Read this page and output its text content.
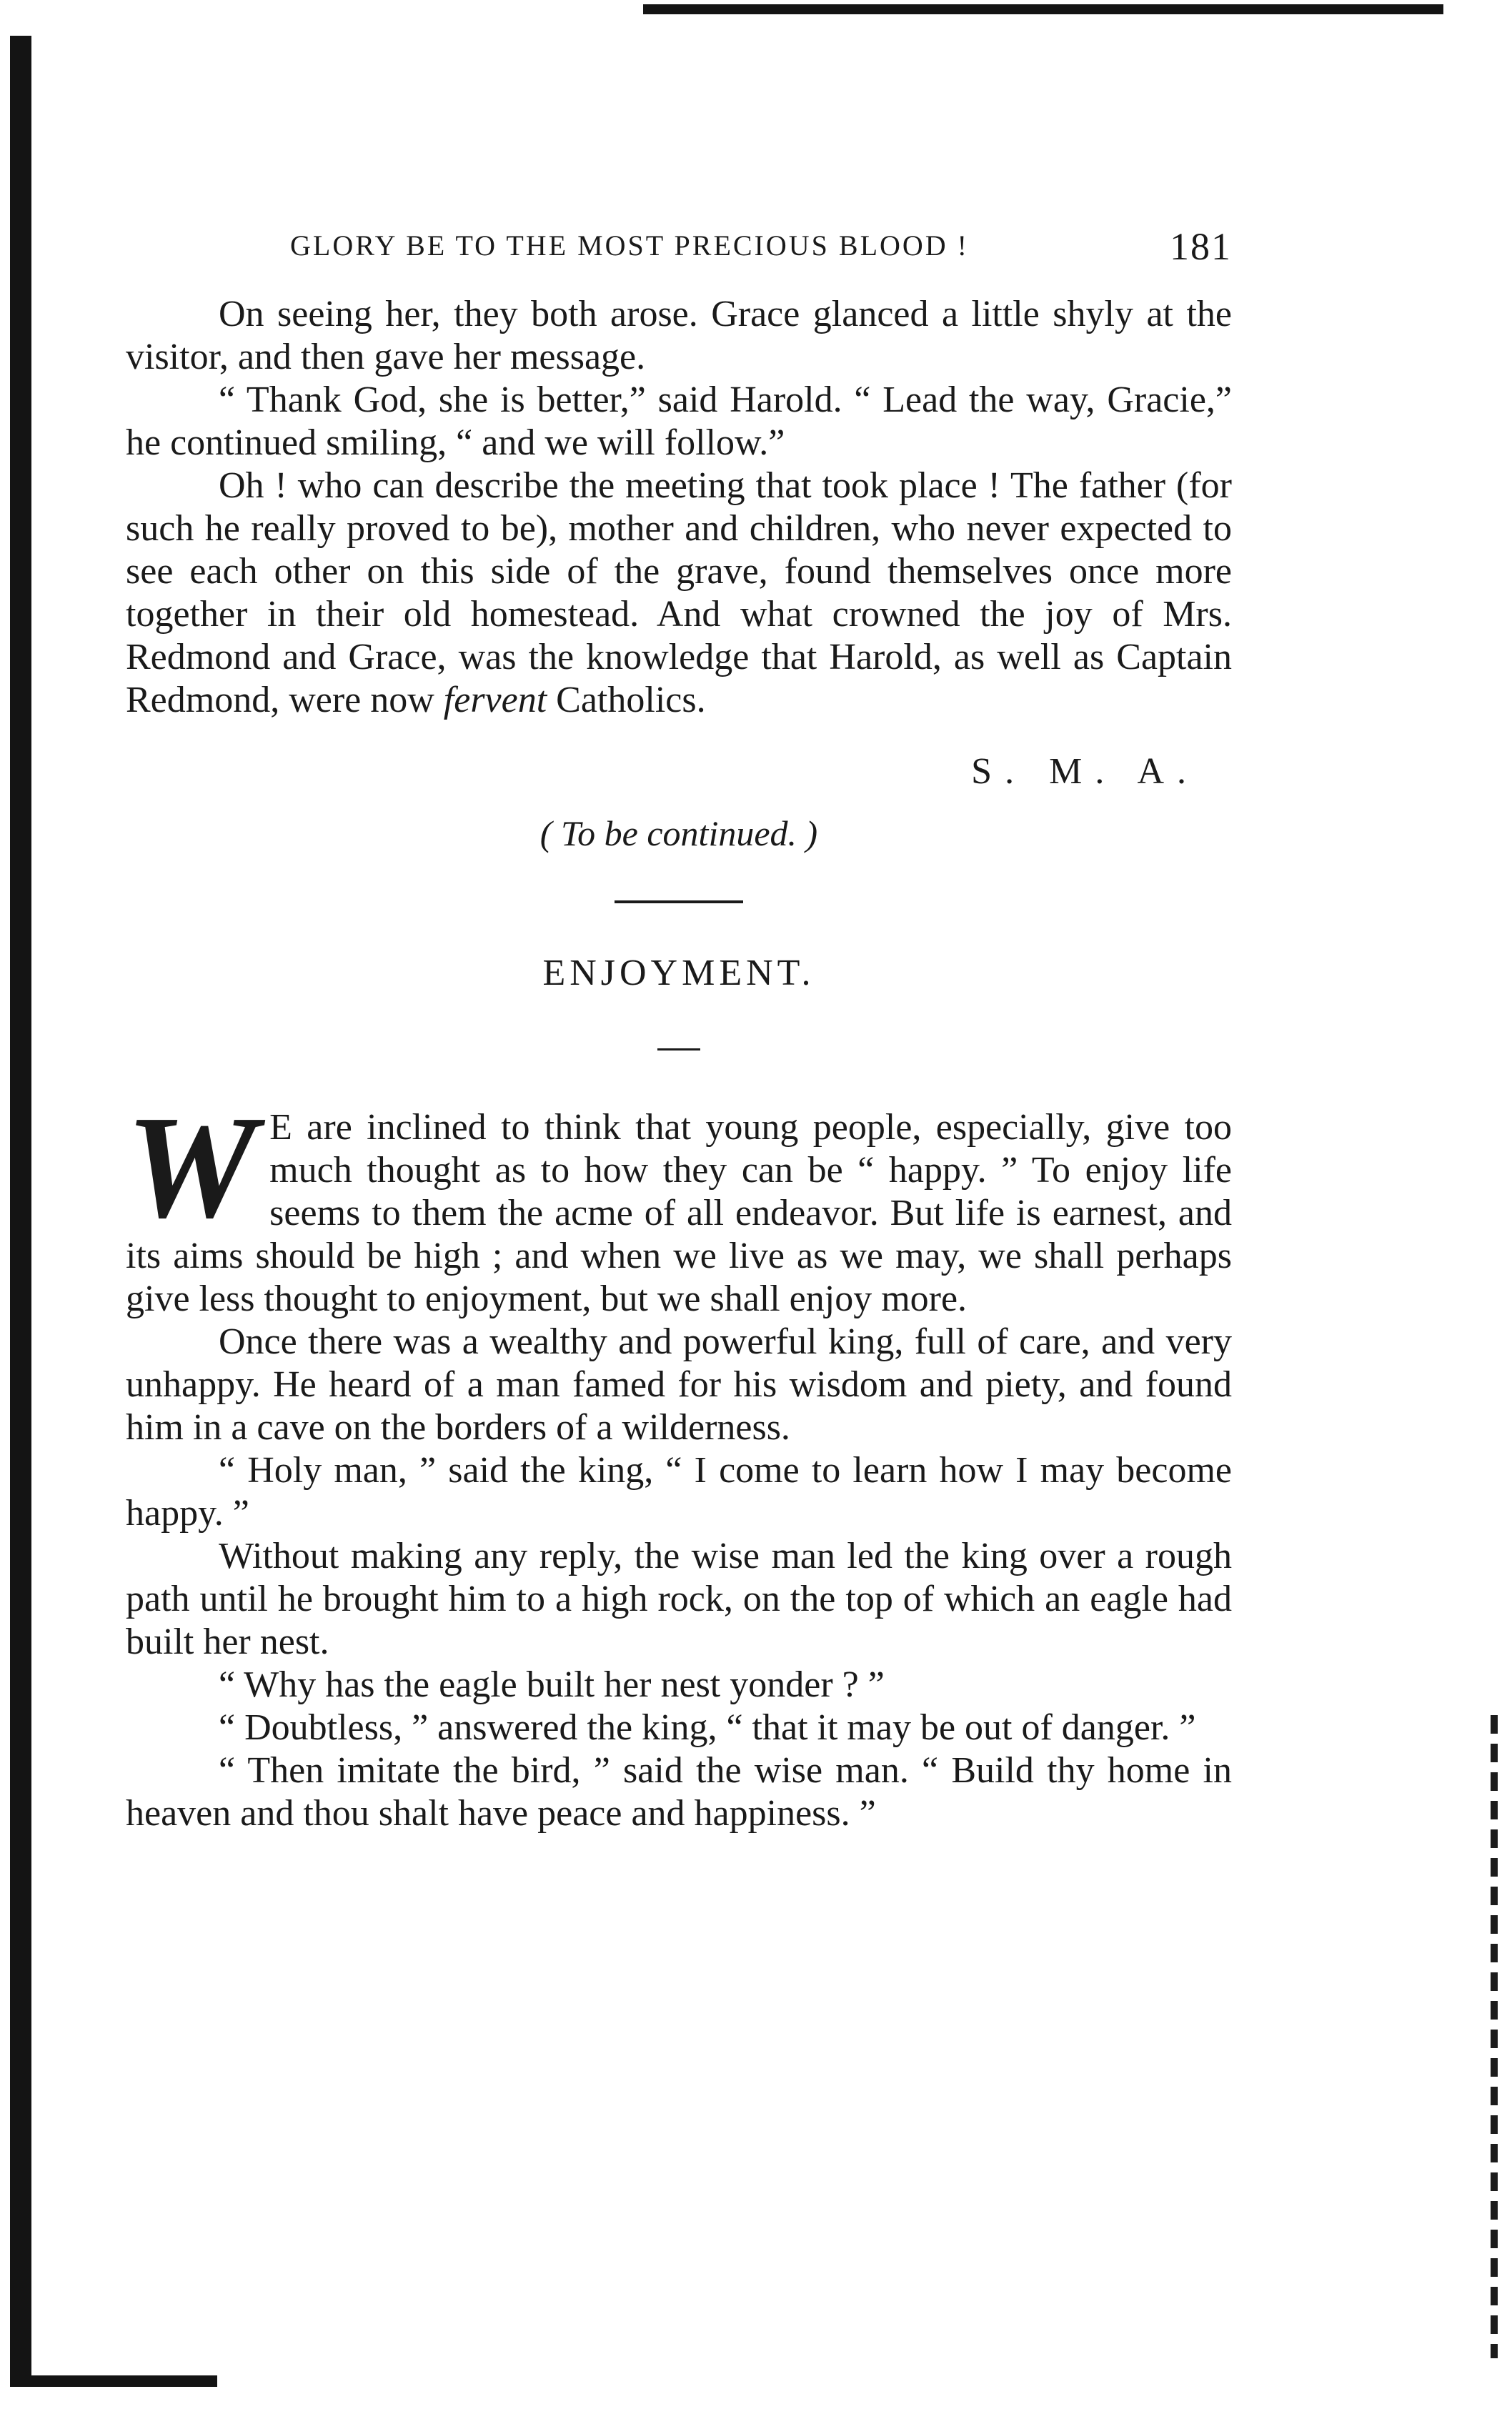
GLORY BE TO THE MOST PRECIOUS BLOOD !	181

On seeing her, they both arose. Grace glanced a little shyly at the visitor, and then gave her message.

“ Thank God, she is better,” said Harold. “ Lead the way, Gracie,” he continued smiling, “ and we will follow.”

Oh ! who can describe the meeting that took place ! The father (for such he really proved to be), mother and children, who never expected to see each other on this side of the grave, found themselves once more together in their old homestead. And what crowned the joy of Mrs. Redmond and Grace, was the knowledge that Harold, as well as Captain Redmond, were now fervent Catholics.

S. M. A.
( To be continued. )
ENJOYMENT.

W E are inclined to think that young people, especially, give too much thought as to how they can be “ happy. ” To enjoy life seems to them the acme of all endeavor. But life is earnest, and its aims should be high ; and when we live as we may, we shall perhaps give less thought to enjoyment, but we shall enjoy more.

Once there was a wealthy and powerful king, full of care, and very unhappy. He heard of a man famed for his wisdom and piety, and found him in a cave on the borders of a wilderness.

“ Holy man, ” said the king, “ I come to learn how I may become happy. ”

Without making any reply, the wise man led the king over a rough path until he brought him to a high rock, on the top of which an eagle had built her nest.

“ Why has the eagle built her nest yonder ? ”

“ Doubtless, ” answered the king, “ that it may be out of danger. ”

“ Then imitate the bird, ” said the wise man. “ Build thy home in heaven and thou shalt have peace and happiness. ”
